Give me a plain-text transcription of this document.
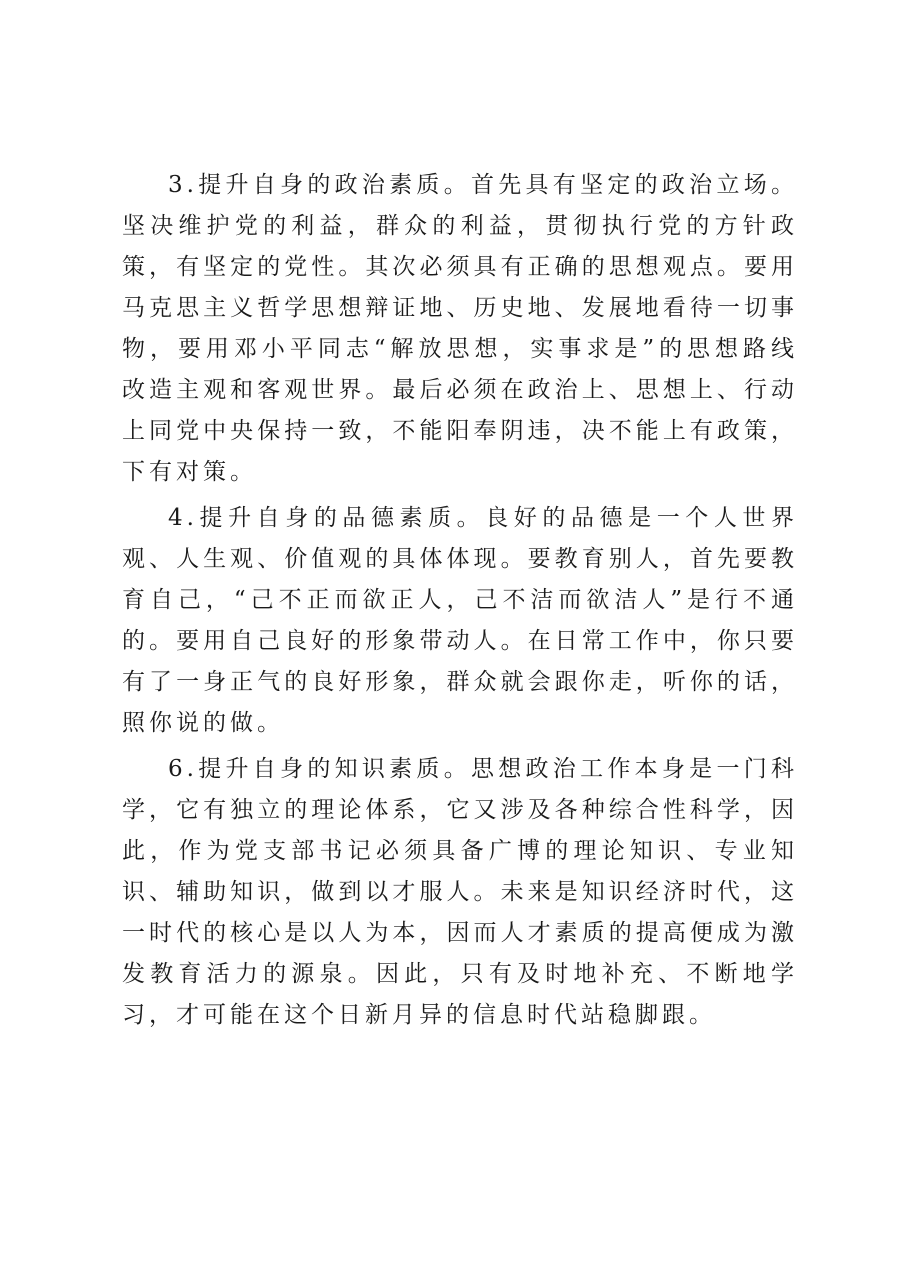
3.提升自身的政治素质。首先具有坚定的政治立场。坚决维护党的利益，群众的利益，贯彻执行党的方针政策，有坚定的党性。其次必须具有正确的思想观点。要用马克思主义哲学思想辩证地、历史地、发展地看待一切事物，要用邓小平同志“解放思想，实事求是”的思想路线改造主观和客观世界。最后必须在政治上、思想上、行动上同党中央保持一致，不能阳奉阴违，决不能上有政策，下有对策。

4.提升自身的品德素质。良好的品德是一个人世界观、人生观、价值观的具体体现。要教育别人，首先要教育自己，“己不正而欲正人，己不洁而欲洁人”是行不通的。要用自己良好的形象带动人。在日常工作中，你只要有了一身正气的良好形象，群众就会跟你走，听你的话，照你说的做。

6.提升自身的知识素质。思想政治工作本身是一门科学，它有独立的理论体系，它又涉及各种综合性科学，因此，作为党支部书记必须具备广博的理论知识、专业知识、辅助知识，做到以才服人。未来是知识经济时代，这一时代的核心是以人为本，因而人才素质的提高便成为激发教育活力的源泉。因此，只有及时地补充、不断地学习，才可能在这个日新月异的信息时代站稳脚跟。
